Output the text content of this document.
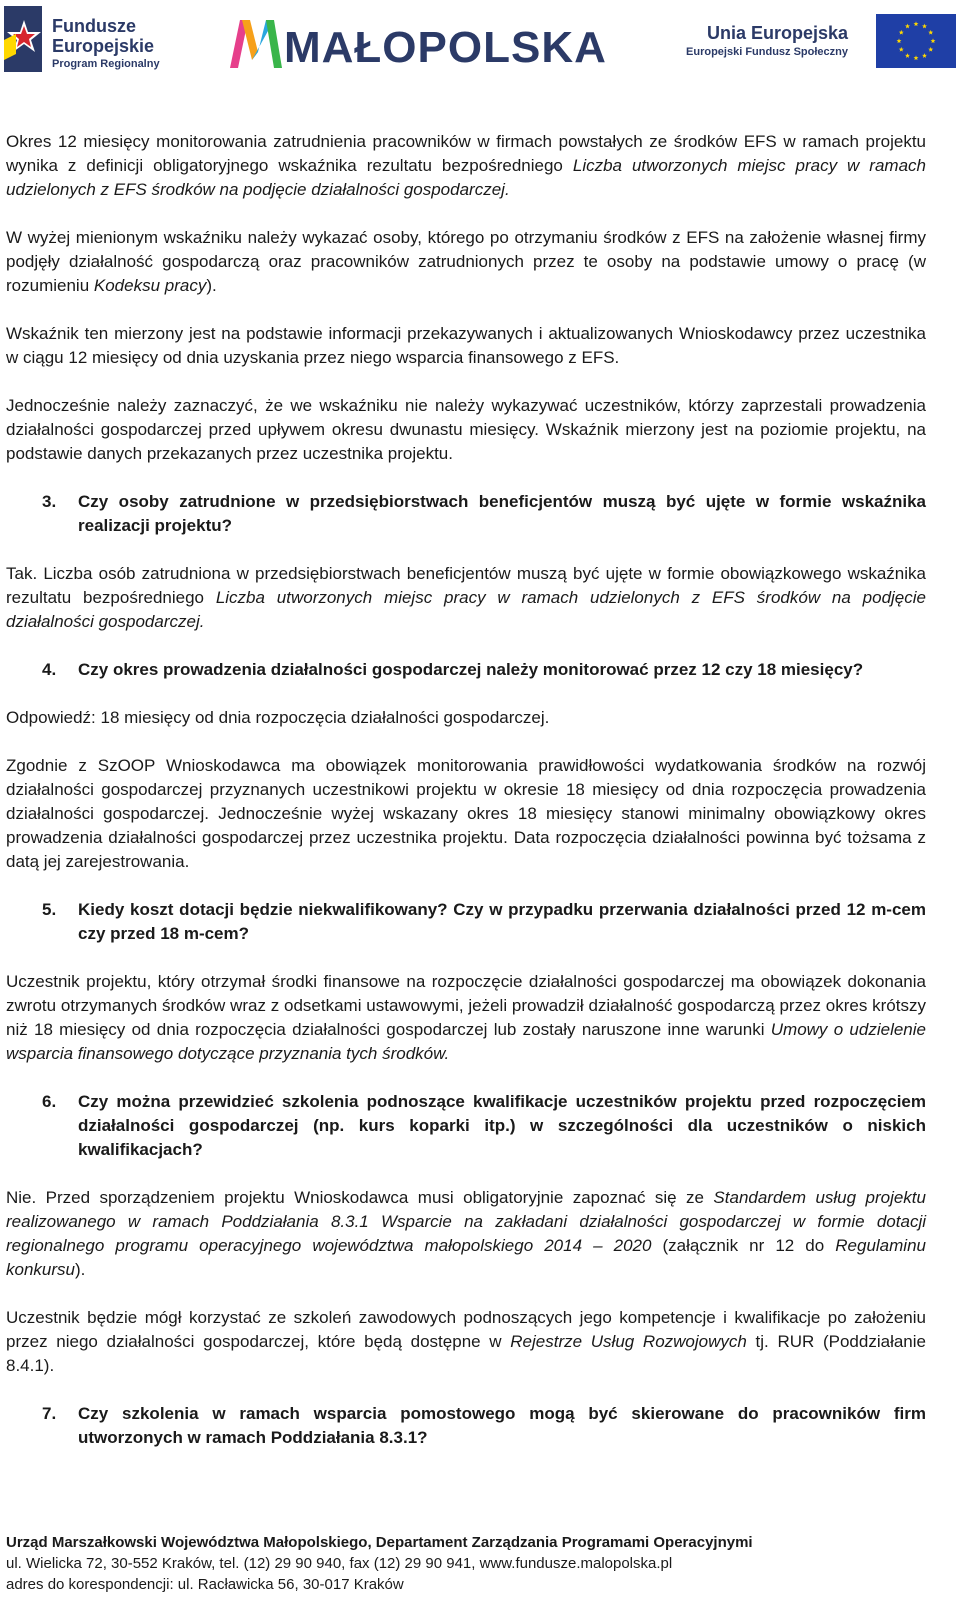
Fundusze
Europejskie
Program Regionalny	MAŁOPOLSKA	Unia Europejska
Europejski Fundusz Społeczny

Okres 12 miesięcy monitorowania zatrudnienia pracowników w firmach powstałych ze środków EFS w ramach projektu wynika z definicji obligatoryjnego wskaźnika rezultatu bezpośredniego Liczba utworzonych miejsc pracy w ramach udzielonych z EFS środków na podjęcie działalności gospodarczej.

W wyżej mienionym wskaźniku należy wykazać osoby, którego po otrzymaniu środków z EFS na założenie własnej firmy podjęły działalność gospodarczą oraz pracowników zatrudnionych przez te osoby na podstawie umowy o pracę (w rozumieniu Kodeksu pracy).

Wskaźnik ten mierzony jest na podstawie informacji przekazywanych i aktualizowanych Wnioskodawcy przez uczestnika w ciągu 12 miesięcy od dnia uzyskania przez niego wsparcia finansowego z EFS.

Jednocześnie należy zaznaczyć, że we wskaźniku nie należy wykazywać uczestników, którzy zaprzestali prowadzenia działalności gospodarczej przed upływem okresu dwunastu miesięcy. Wskaźnik mierzony jest na poziomie projektu, na podstawie danych przekazanych przez uczestnika projektu.

3.	Czy osoby zatrudnione w przedsiębiorstwach beneficjentów muszą być ujęte w formie wskaźnika realizacji projektu?

Tak. Liczba osób zatrudniona w przedsiębiorstwach beneficjentów muszą być ujęte w formie obowiązkowego wskaźnika rezultatu bezpośredniego Liczba utworzonych miejsc pracy w ramach udzielonych z EFS środków na podjęcie działalności gospodarczej.

4.	Czy okres prowadzenia działalności gospodarczej należy monitorować przez 12 czy 18 miesięcy?

Odpowiedź: 18 miesięcy od dnia rozpoczęcia działalności gospodarczej.

Zgodnie z SzOOP Wnioskodawca ma obowiązek monitorowania prawidłowości wydatkowania środków na rozwój działalności gospodarczej przyznanych uczestnikowi projektu w okresie 18 miesięcy od dnia rozpoczęcia prowadzenia działalności gospodarczej. Jednocześnie wyżej wskazany okres 18 miesięcy stanowi minimalny obowiązkowy okres prowadzenia działalności gospodarczej przez uczestnika projektu. Data rozpoczęcia działalności powinna być tożsama z datą jej zarejestrowania.

5.	Kiedy koszt dotacji będzie niekwalifikowany? Czy w przypadku przerwania działalności przed 12 m-cem czy przed 18 m-cem?

Uczestnik projektu, który otrzymał środki finansowe na rozpoczęcie działalności gospodarczej ma obowiązek dokonania zwrotu otrzymanych środków wraz z odsetkami ustawowymi, jeżeli prowadził działalność gospodarczą przez okres krótszy niż 18 miesięcy od dnia rozpoczęcia działalności gospodarczej lub zostały naruszone inne warunki Umowy o udzielenie wsparcia finansowego dotyczące przyznania tych środków.

6.	Czy można przewidzieć szkolenia podnoszące kwalifikacje uczestników projektu przed rozpoczęciem działalności gospodarczej (np. kurs koparki itp.) w szczególności dla uczestników o niskich kwalifikacjach?

Nie. Przed sporządzeniem projektu Wnioskodawca musi obligatoryjnie zapoznać się ze Standardem usług projektu realizowanego w ramach Poddziałania 8.3.1 Wsparcie na zakładani działalności gospodarczej w formie dotacji regionalnego programu operacyjnego województwa małopolskiego 2014 – 2020 (załącznik nr 12 do Regulaminu konkursu).

Uczestnik będzie mógł korzystać ze szkoleń zawodowych podnoszących jego kompetencje i kwalifikacje po założeniu przez niego działalności gospodarczej, które będą dostępne w Rejestrze Usług Rozwojowych tj. RUR (Poddziałanie 8.4.1).

7.	Czy szkolenia w ramach wsparcia pomostowego mogą być skierowane do pracowników firm utworzonych w ramach Poddziałania 8.3.1?
Urząd Marszałkowski Województwa Małopolskiego, Departament Zarządzania Programami Operacyjnymi
ul. Wielicka 72, 30-552 Kraków, tel. (12) 29 90 940, fax (12) 29 90 941, www.fundusze.malopolska.pl
adres do korespondencji: ul. Racławicka 56, 30-017 Kraków
